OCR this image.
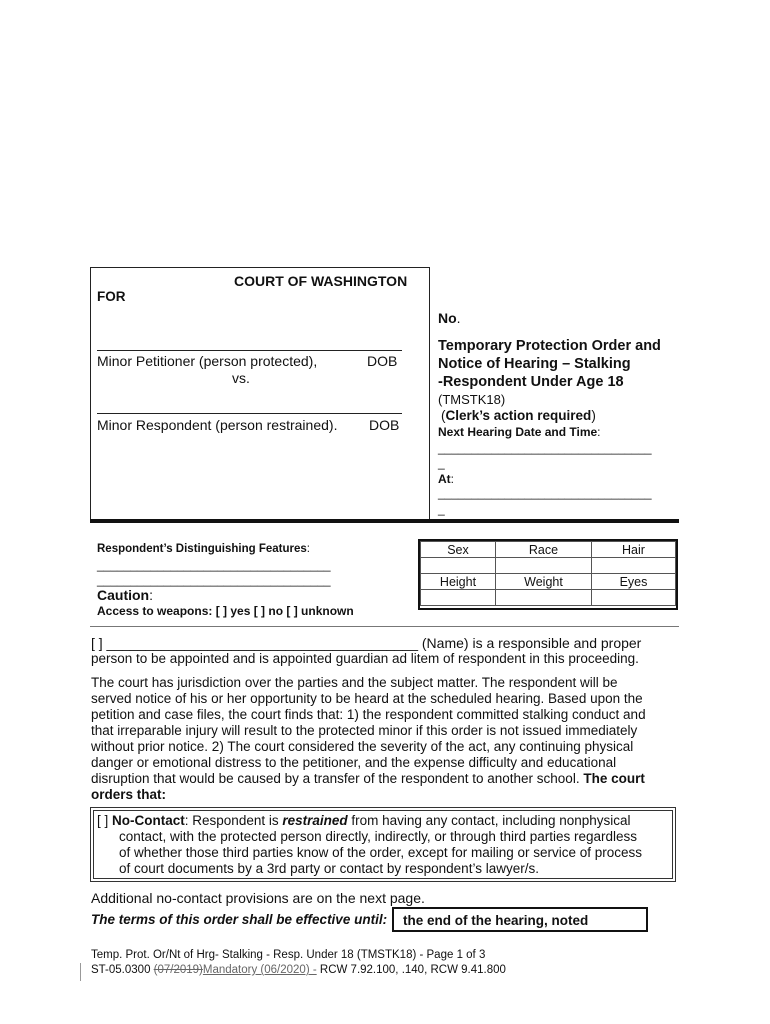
COURT OF WASHINGTON
FOR
Minor Petitioner (person protected),	DOB
vs.
Minor Respondent (person restrained). DOB
No.
Temporary Protection Order and
Notice of Hearing – Stalking
-Respondent Under Age 18
(TMSTK18)
(Clerk’s action required)
Next Hearing Date and Time:
________________________________
_
At:
________________________________
_
Respondent’s Distinguishing Features:
___________________________________
___________________________________
Caution:
Access to weapons: [ ] yes [ ] no [ ] unknown
Sex	Race	Hair

Height	Weight	Eyes

[ ] ________________________________________ (Name) is a responsible and proper
person to be appointed and is appointed guardian ad litem of respondent in this proceeding.
The court has jurisdiction over the parties and the subject matter. The respondent will be
served notice of his or her opportunity to be heard at the scheduled hearing. Based upon the
petition and case files, the court finds that: 1) the respondent committed stalking conduct and
that irreparable injury will result to the protected minor if this order is not issued immediately
without prior notice. 2) The court considered the severity of the act, any continuing physical
danger or emotional distress to the petitioner, and the expense difficulty and educational
disruption that would be caused by a transfer of the respondent to another school. The court
orders that:
[ ] No-Contact: Respondent is restrained from having any contact, including nonphysical
contact, with the protected person directly, indirectly, or through third parties regardless
of whether those third parties know of the order, except for mailing or service of process
of court documents by a 3rd party or contact by respondent’s lawyer/s.
Additional no-contact provisions are on the next page.
The terms of this order shall be effective until: the end of the hearing, noted
Temp. Prot. Or/Nt of Hrg- Stalking - Resp. Under 18 (TMSTK18) - Page 1 of 3
ST-05.0300 (07/2019)Mandatory (06/2020) - RCW 7.92.100, .140, RCW 9.41.800
